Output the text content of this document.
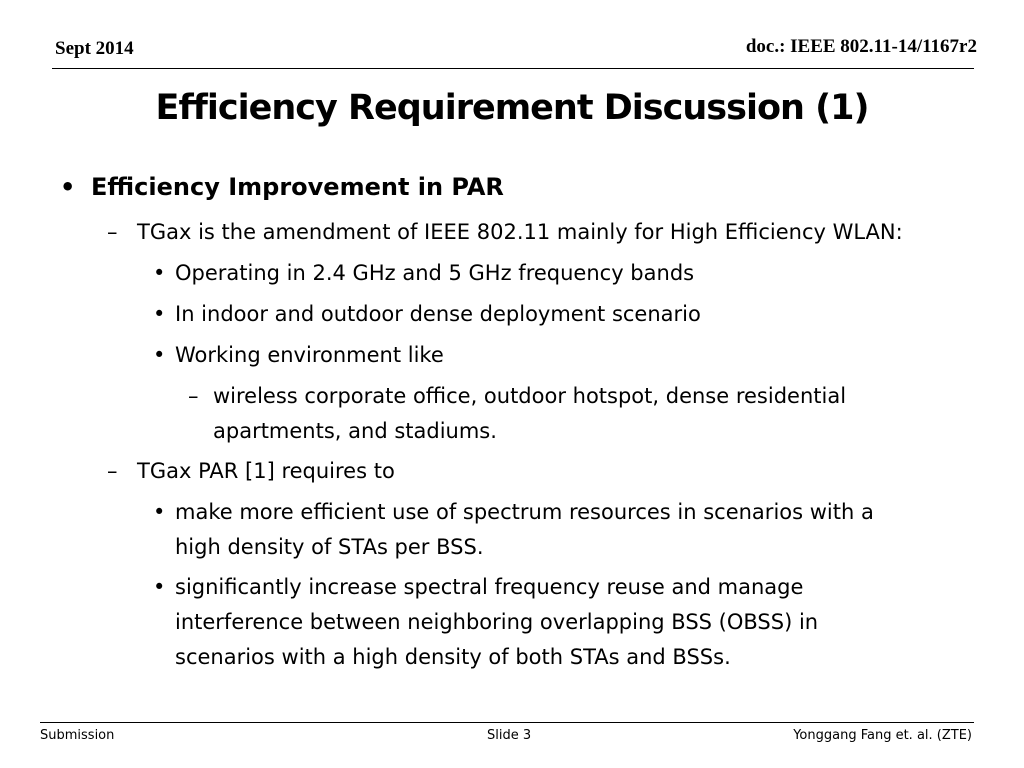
Sept 2014	doc.: IEEE 802.11-14/1167r2
Efficiency Requirement Discussion (1)
• Efficiency Improvement in PAR
– TGax is the amendment of IEEE 802.11 mainly for High Efficiency WLAN:
• Operating in 2.4 GHz and 5 GHz frequency bands
• In indoor and outdoor dense deployment scenario
• Working environment like
– wireless corporate office, outdoor hotspot, dense residential
apartments, and stadiums.
– TGax PAR [1] requires to
• make more efficient use of spectrum resources in scenarios with a
high density of STAs per BSS.
• significantly increase spectral frequency reuse and manage
interference between neighboring overlapping BSS (OBSS) in
scenarios with a high density of both STAs and BSSs.
Submission	Slide 3	Yonggang Fang et. al. (ZTE)
